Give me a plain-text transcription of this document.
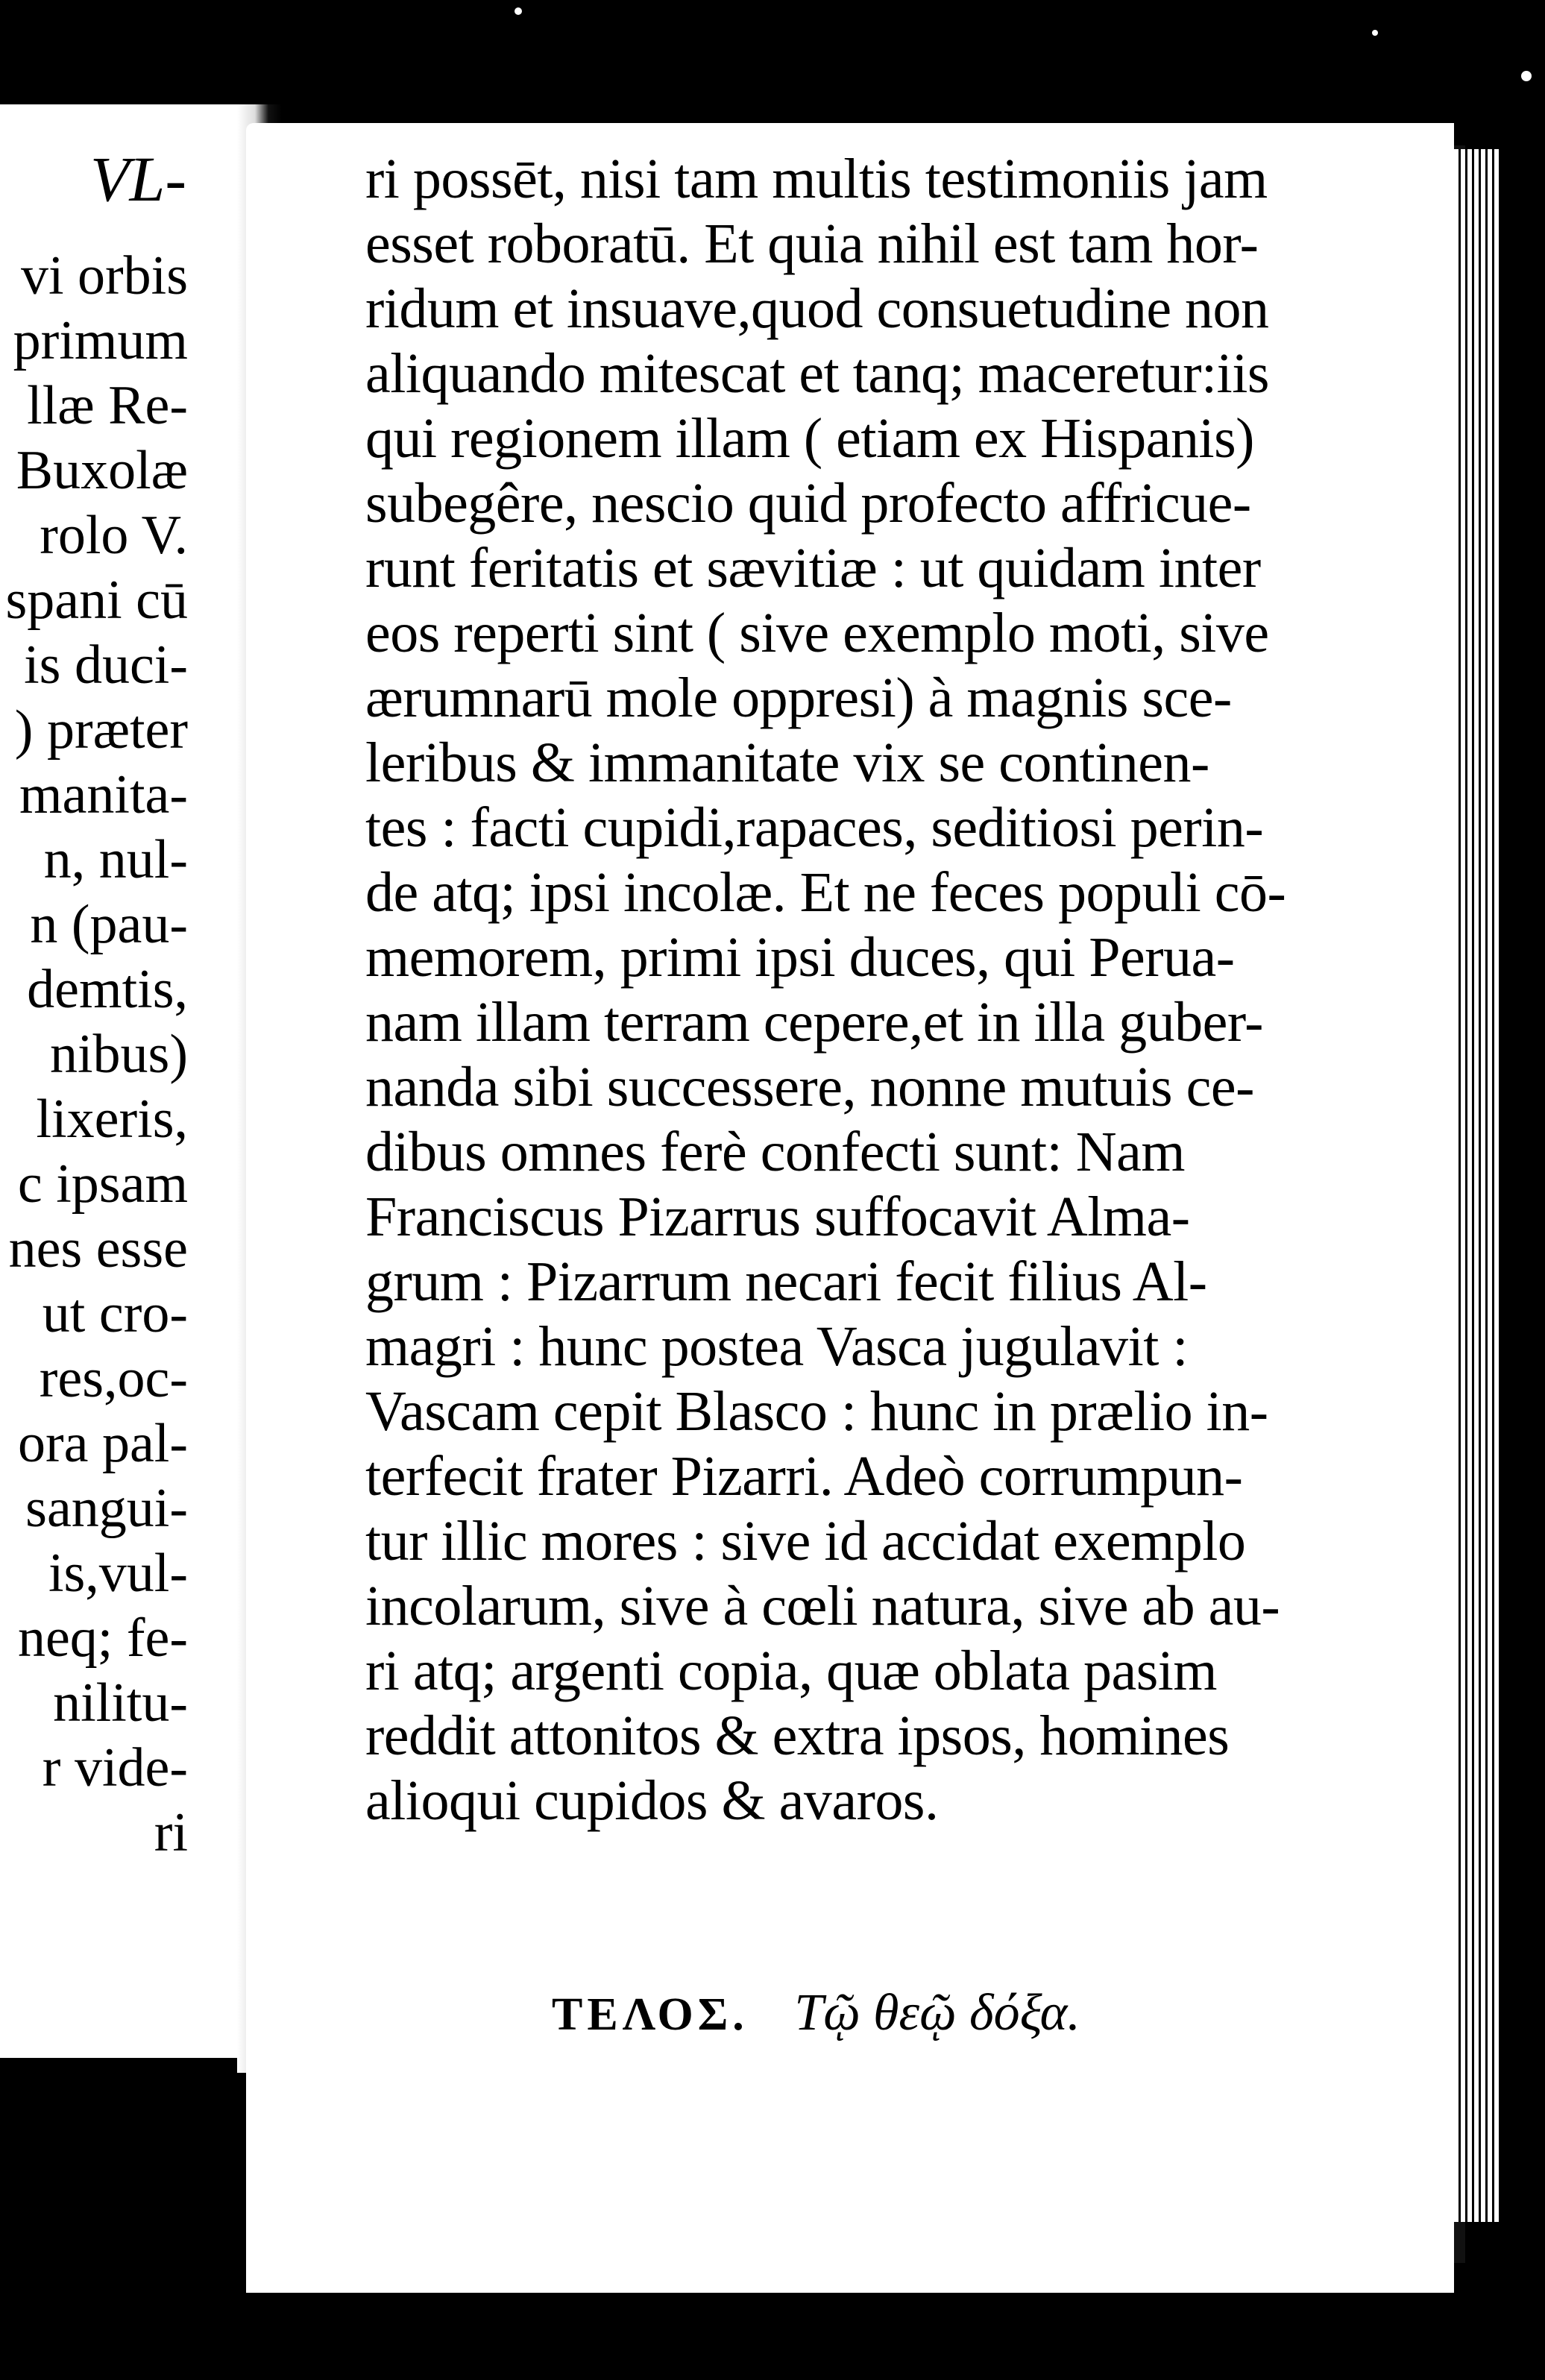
VL-
vi orbis
primum
llæ Re-
Buxolæ
rolo V.
spani cū
is duci-
) præter
manita-
n, nul-
n (pau-
demtis,
nibus)
lixeris,
c ipsam
nes esse
ut cro-
res,oc-
ora pal-
sangui-
is,vul-
neq; fe-
nilitu-
r vide-
ri
ri possēt, nisi tam multis testimoniis jam
esset roboratū. Et quia nihil est tam hor-
ridum et insuave,quod consuetudine non
aliquando mitescat et tanq; maceretur:iis
qui regionem illam ( etiam ex Hispanis)
subegêre, nescio quid profecto affricue-
runt feritatis et sævitiæ : ut quidam inter
eos reperti sint ( sive exemplo moti, sive
ærumnarū mole oppresi) à magnis sce-
leribus & immanitate vix se continen-
tes : facti cupidi,rapaces, seditiosi perin-
de atq; ipsi incolæ. Et ne feces populi cō-
memorem, primi ipsi duces, qui Perua-
nam illam terram cepere,et in illa guber-
nanda sibi successere, nonne mutuis ce-
dibus omnes ferè confecti sunt: Nam
Franciscus Pizarrus suffocavit Alma-
grum : Pizarrum necari fecit filius Al-
magri : hunc postea Vasca jugulavit :
Vascam cepit Blasco : hunc in prælio in-
terfecit frater Pizarri. Adeò corrumpun-
tur illic mores : sive id accidat exemplo
incolarum, sive à cœli natura, sive ab au-
ri atq; argenti copia, quæ oblata pasim
reddit attonitos & extra ipsos, homines
alioqui cupidos & avaros.
ΤΕΛΟΣ. Τῷ θεῷ δόξα.
